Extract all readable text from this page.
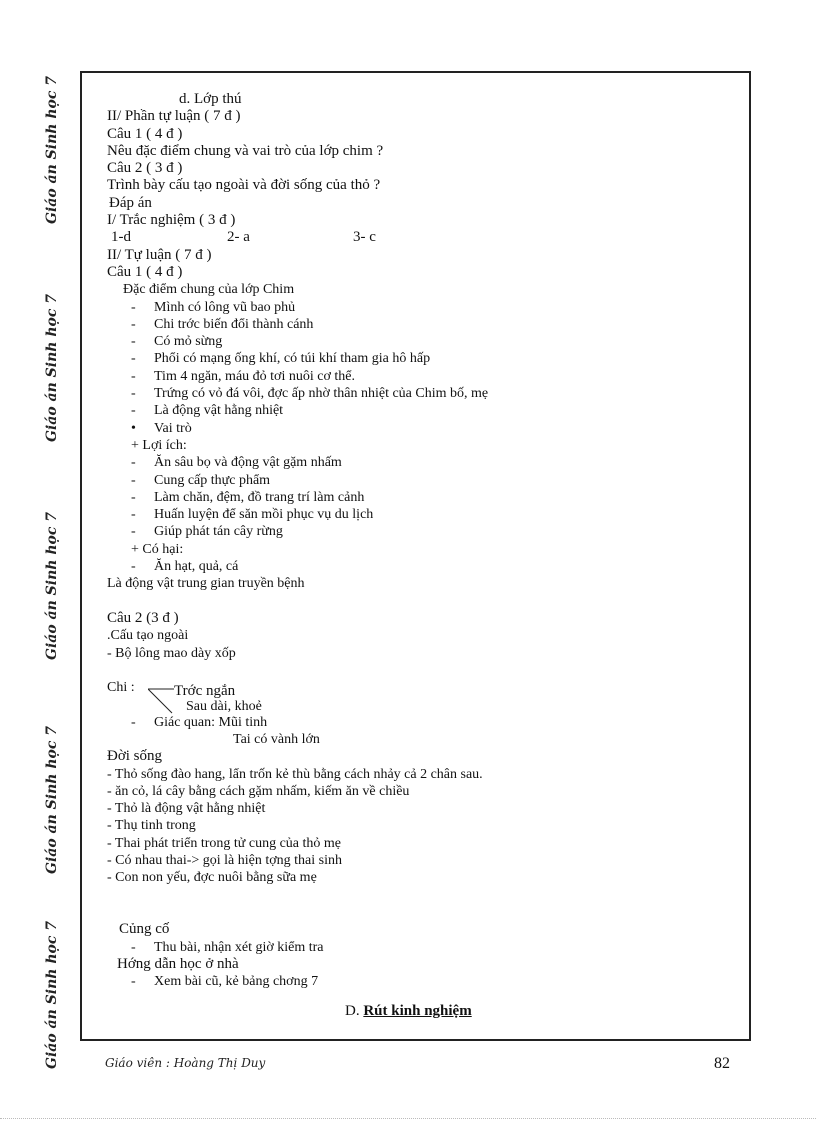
Giáo án Sinh học 7
Giáo án Sinh học 7
Giáo án Sinh học 7
Giáo án Sinh học 7
Giáo án Sinh học 7
d. Lớp thú
II/ Phần tự luận ( 7 đ )
Câu 1 ( 4 đ )
Nêu đặc điểm chung và vai trò của lớp chim ?
Câu 2 ( 3 đ )
Trình bày cấu tạo ngoài và đời sống của thỏ ?
Đáp án
I/ Trắc nghiệm ( 3 đ )
1-d	2- a	3- c
II/ Tự luận ( 7 đ )
Câu 1 ( 4 đ )
Đặc điểm chung của lớp Chim
- Mình có lông vũ bao phủ
- Chi trớc biến đổi thành cánh
- Có mỏ sừng
- Phổi có mạng ống khí, có túi khí tham gia hô hấp
- Tim 4 ngăn, máu đỏ tơi nuôi cơ thể.
- Trứng có vỏ đá vôi, đợc ấp nhờ thân nhiệt của Chim bố, mẹ
- Là động vật hằng nhiệt
• Vai trò
+ Lợi ích:
- Ăn sâu bọ và động vật gặm nhấm
- Cung cấp thực phẩm
- Làm chăn, đệm, đồ trang trí làm cảnh
- Huấn luyện để săn mồi phục vụ du lịch
- Giúp phát tán cây rừng
+ Có hại:
- Ăn hạt, quả, cá
Là động vật trung gian truyền bệnh
Câu 2 (3 đ )
.Cấu tạo ngoài
- Bộ lông mao dày xốp
Chi :
- Giác quan: Mũi tinh
Tai có vành lớn
Đời sống
- Thỏ sống đào hang, lẩn trốn kẻ thù bằng cách nhảy cả 2 chân sau.
- ăn cỏ, lá cây bằng cách gặm nhấm, kiếm ăn về chiều
- Thỏ là động vật hằng nhiệt
- Thụ tinh trong
- Thai phát triển trong tử cung của thỏ mẹ
- Có nhau thai-> gọi là hiện tợng thai sinh
- Con non yếu, đợc nuôi bằng sữa mẹ
Củng cố
- Thu bài, nhận xét giờ kiểm tra
Hớng dẫn học ở nhà
- Xem bài cũ, kẻ bảng chơng 7
Trớc ngắn
Sau dài, khoẻ
D. Rút kinh nghiệm
Giáo viên : Hoàng Thị Duy	82
